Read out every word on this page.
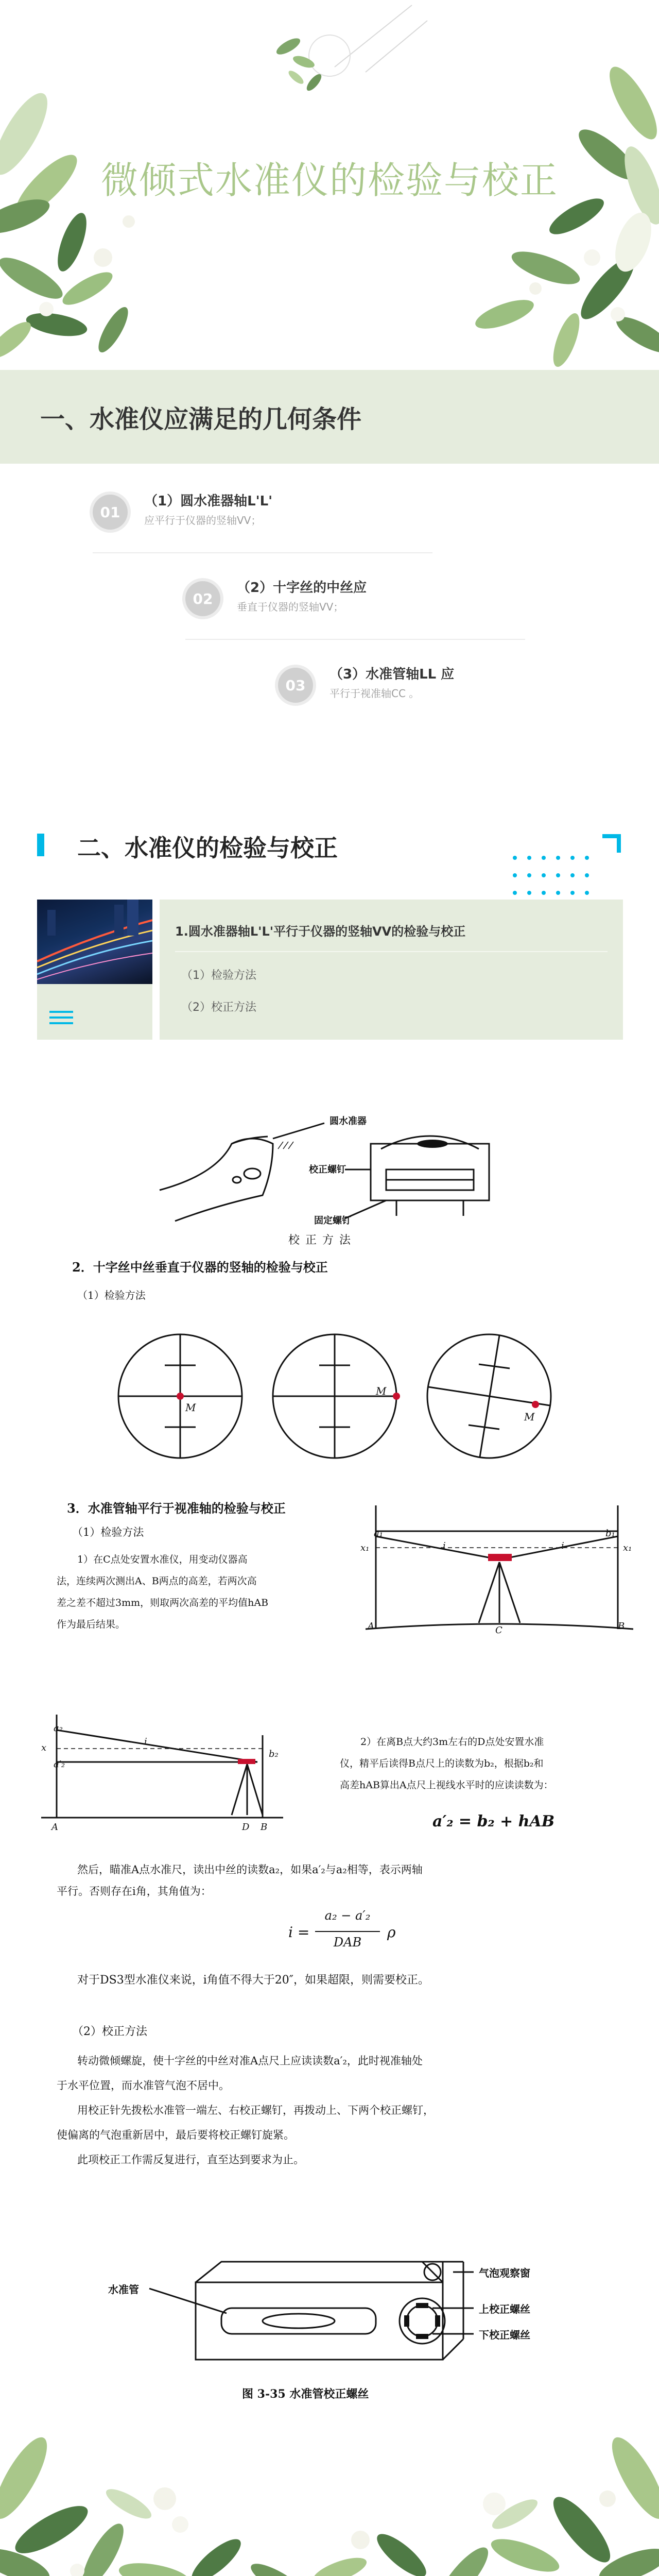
微倾式水准仪的检验与校正
一、水准仪应满足的几何条件
01
（1）圆水准器轴L'L'
应平行于仪器的竖轴VV；
02
（2）十字丝的中丝应
垂直于仪器的竖轴VV；
03
（3）水准管轴LL 应
平行于视准轴CC 。
二、水准仪的检验与校正
1.圆水准器轴L'L'平行于仪器的竖轴VV的检验与校正
（1）检验方法
（2）校正方法
圆水准器
校正螺钉
固定螺钉
校 正 方 法
2．十字丝中丝垂直于仪器的竖轴的检验与校正
（1）检验方法
M
M
M
3．水准管轴平行于视准轴的检验与校正
（1）检验方法
1）在C点处安置水准仪，用变动仪器高
法，连续两次测出A、B两点的高差，若两次高
差之差不超过3mm，则取两次高差的平均值hAB
作为最后结果。
a₁	b₁
x₁	x₁
i	i
A	C	B
a₂
x
a′₂
i
b₂
A	D B
2）在离B点大约3m左右的D点处安置水准
仪，精平后读得B点尺上的读数为b₂，根据b₂和
高差hAB算出A点尺上视线水平时的应读读数为：
a′₂ = b₂ + hAB
然后，瞄准A点水准尺，读出中丝的读数a₂，如果a′₂与a₂相等，表示两轴
平行。否则存在i角，其角值为：
i =
a₂ − a′₂
DAB
ρ
对于DS3型水准仪来说，i角值不得大于20″，如果超限，则需要校正。
（2）校正方法
转动微倾螺旋，使十字丝的中丝对准A点尺上应读读数a′₂，此时视准轴处
于水平位置，而水准管气泡不居中。
用校正针先拨松水准管一端左、右校正螺钉，再拨动上、下两个校正螺钉，
使偏离的气泡重新居中，最后要将校正螺钉旋紧。
此项校正工作需反复进行，直至达到要求为止。
水准管
气泡观察窗
上校正螺丝
下校正螺丝
图 3-35 水准管校正螺丝
